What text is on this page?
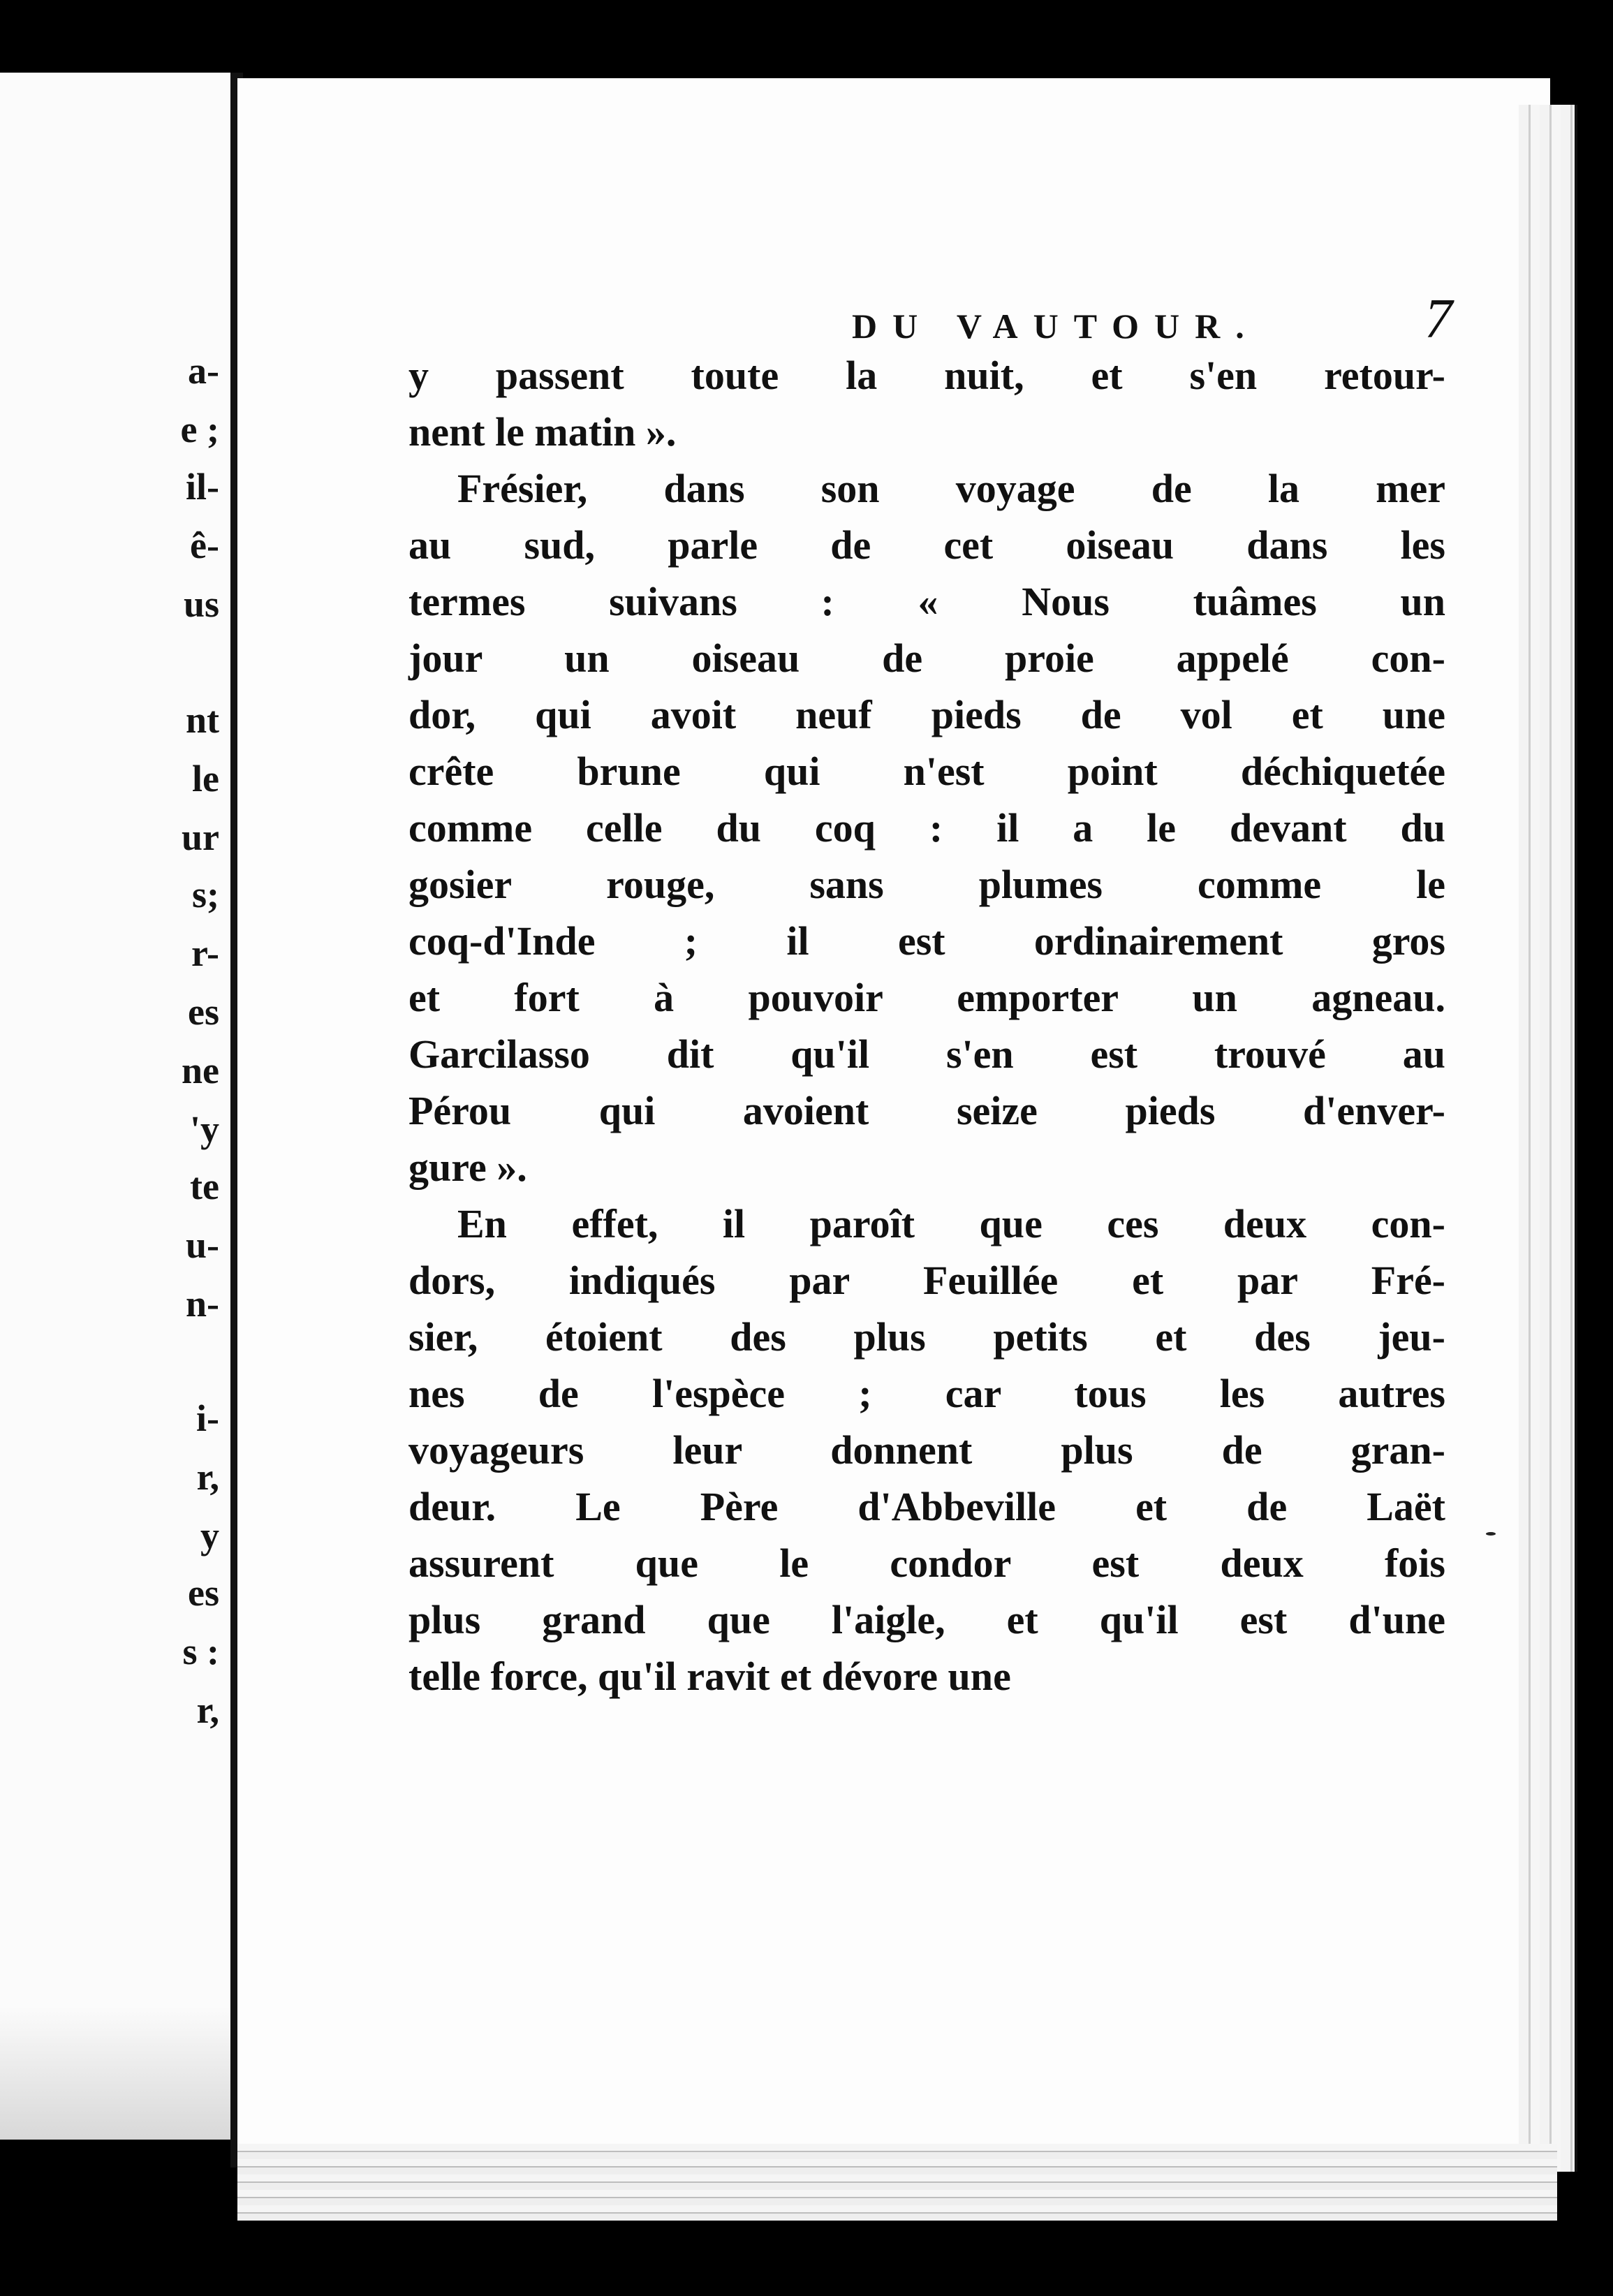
a-
e ;
il-
ê-
us
nt
le
ur
s;
r-
es
ne
'y
te
u-
n-
i-
r,
y
es
s :
r,
DU VAUTOUR.	7
y passent toute la nuit, et s'en retour-
nent le matin ».
Frésier, dans son voyage de la mer
au sud, parle de cet oiseau dans les
termes suivans : « Nous tuâmes un
jour un oiseau de proie appelé con-
dor, qui avoit neuf pieds de vol et une
crête brune qui n'est point déchiquetée
comme celle du coq : il a le devant du
gosier rouge, sans plumes comme le
coq-d'Inde ; il est ordinairement gros
et fort à pouvoir emporter un agneau.
Garcilasso dit qu'il s'en est trouvé au
Pérou qui avoient seize pieds d'enver-
gure ».
En effet, il paroît que ces deux con-
dors, indiqués par Feuillée et par Fré-
sier, étoient des plus petits et des jeu-
nes de l'espèce ; car tous les autres
voyageurs leur donnent plus de gran-
deur. Le Père d'Abbeville et de Laët
assurent que le condor est deux fois
plus grand que l'aigle, et qu'il est d'une
telle force, qu'il ravit et dévore une
